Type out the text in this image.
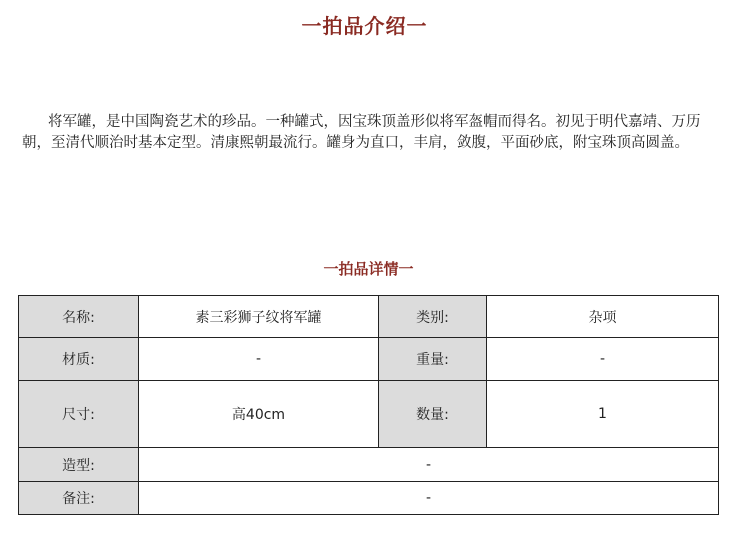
一拍品介绍一

将军罐，是中国陶瓷艺术的珍品。一种罐式，因宝珠顶盖形似将军盔帽而得名。初见于明代嘉靖、万历朝，至清代顺治时基本定型。清康熙朝最流行。罐身为直口，丰肩，敛腹，平面砂底，附宝珠顶高圆盖。

一拍品详情一
名称:	素三彩狮子纹将军罐	类别:	杂项
材质:	-	重量:	-
尺寸:	高40cm	数量:	1
造型:	-		
备注:	-		
